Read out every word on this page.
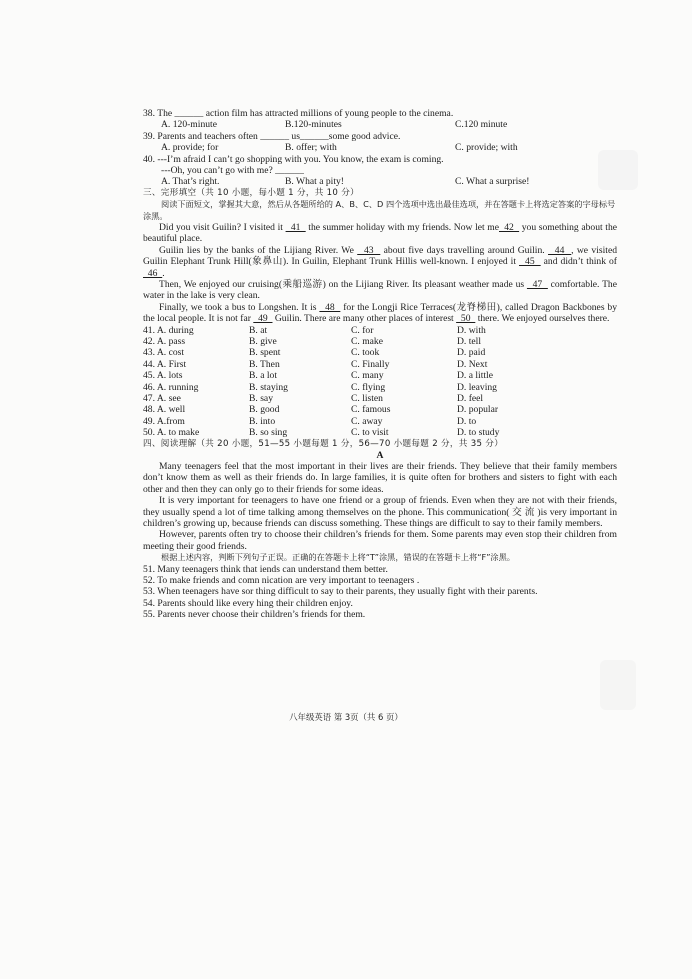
38. The ______ action film has attracted millions of young people to the cinema.
A. 120-minute	B.120-minutes	C.120 minute
39. Parents and teachers often ______ us______some good advice.
A. provide; for	B. offer; with	C. provide; with
40. ---I’m afraid I can’t go shopping with you. You know, the exam is coming.
---Oh, you can’t go with me? ______
A. That’s right.	B. What a pity!	C. What a surprise!
三、完形填空（共 10 小题，每小题 1 分，共 10 分）
阅读下面短文，掌握其大意，然后从各题所给的 A、B、C、D 四个选项中选出最佳选项，并在答题卡上将选定答案的字母标号涂黑。

Did you visit Guilin? I visited it   41   the summer holiday with my friends. Now let me  42   you something about the beautiful place.

Guilin lies by the banks of the Lijiang River. We   43   about five days travelling around Guilin.   44  , we visited Guilin Elephant Trunk Hill(象鼻山). In Guilin, Elephant Trunk Hillis well-known. I enjoyed it   45   and didn’t think of   46  .

Then, We enjoyed our cruising(乘船巡游) on the Lijiang River. Its pleasant weather made us   47   comfortable. The water in the lake is very clean.

Finally, we took a bus to Longshen. It is   48   for the Longji Rice Terraces(龙脊梯田), called Dragon Backbones by the local people. It is not far   49   Guilin. There are many other places of interest   50   there. We enjoyed ourselves there.

41. A. during	B. at	C. for	D. with
42. A. pass	B. give	C. make	D. tell
43. A. cost	B. spent	C. took	D. paid
44. A. First	B. Then	C. Finally	D. Next
45. A. lots	B. a lot	C. many	D. a little
46. A. running	B. staying	C. flying	D. leaving
47. A. see	B. say	C. listen	D. feel
48. A. well	B. good	C. famous	D. popular
49. A.from	B. into	C. away	D. to
50. A. to make	B. so sing	C. to visit	D. to study
四、阅读理解（共 20 小题，51—55 小题每题 1 分，56—70 小题每题 2 分，共 35 分）
A

Many teenagers feel that the most important in their lives are their friends. They believe that their family members don’t know them as well as their friends do. In large families, it is quite often for brothers and sisters to fight with each other and then they can only go to their friends for some ideas.

It is very important for teenagers to have one friend or a group of friends. Even when they are not with their friends, they usually spend a lot of time talking among themselves on the phone. This communication( 交 流 )is very important in children’s growing up, because friends can discuss something. These things are difficult to say to their family members.

However, parents often try to choose their children’s friends for them. Some parents may even stop their children from meeting their good friends.

根据上述内容，判断下列句子正误。正确的在答题卡上将“T”涂黑，错误的在答题卡上将“F”涂黑。
51. Many teenagers think that iends can understand them better.
52. To make friends and comn nication are very important to teenagers .
53. When teenagers have sor thing difficult to say to their parents, they usually fight with their parents.
54. Parents should like every hing their children enjoy.
55. Parents never choose their children’s friends for them.
八年级英语 第 3页（共 6 页）
